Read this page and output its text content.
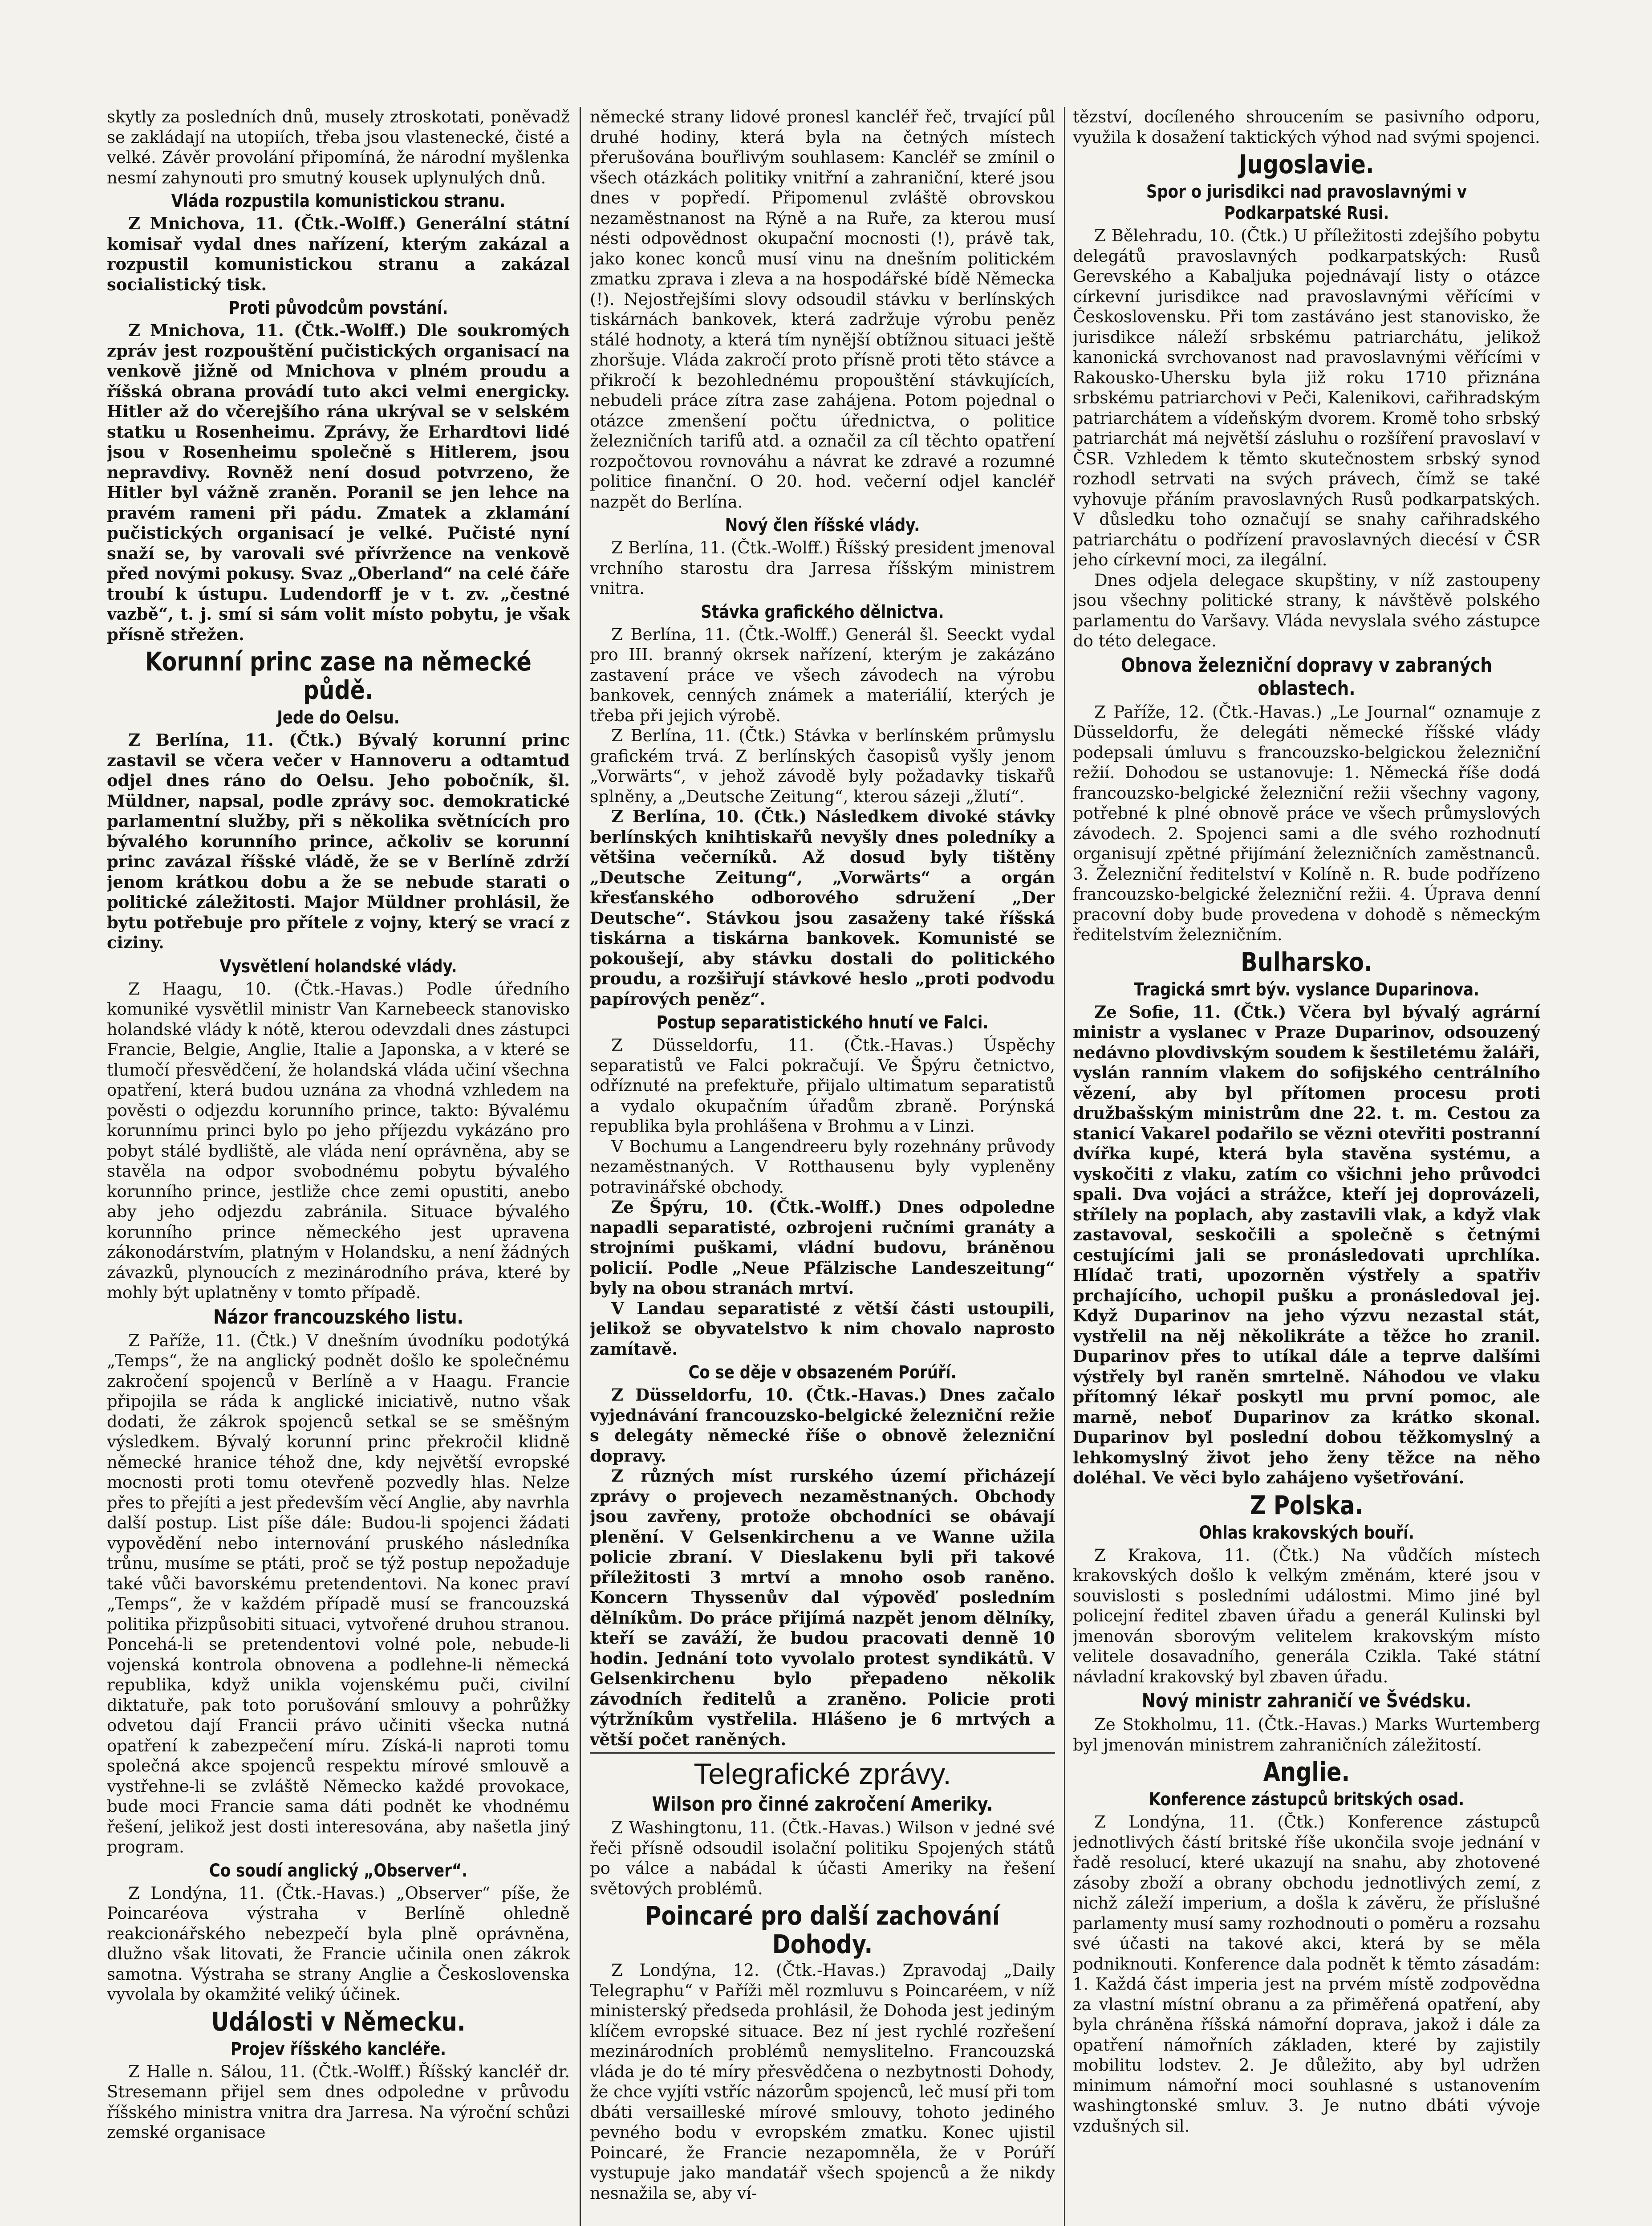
skytly za posledních dnů, musely ztroskotati, poněvadž se zakládají na utopiích, třeba jsou vlastenecké, čisté a velké. Závěr provolání připomíná, že národní myšlenka nesmí zahynouti pro smutný kousek uplynulých dnů.

Vláda rozpustila komunistickou stranu.

Z Mnichova, 11. (Čtk.-Wolff.) Generální státní komisař vydal dnes nařízení, kterým zakázal a rozpustil komunistickou stranu a zakázal socialistický tisk.

Proti původcům povstání.

Z Mnichova, 11. (Čtk.-Wolff.) Dle soukromých zpráv jest rozpouštění pučistických organisací na venkově jižně od Mnichova v plném proudu a říšská obrana provádí tuto akci velmi energicky. Hitler až do včerejšího rána ukrýval se v selském statku u Rosenheimu. Zprávy, že Erhardtovi lidé jsou v Rosenheimu společně s Hitlerem, jsou nepravdivy. Rovněž není dosud potvrzeno, že Hitler byl vážně zraněn. Poranil se jen lehce na pravém rameni při pádu. Zmatek a zklamání pučistických organisací je velké. Pučisté nyní snaží se, by varovali své přívržence na venkově před novými pokusy. Svaz „Oberland“ na celé čáře troubí k ústupu. Ludendorff je v t. zv. „čestné vazbě“, t. j. smí si sám volit místo pobytu, je však přísně střežen.

Korunní princ zase na německé půdě.
Jede do Oelsu.

Z Berlína, 11. (Čtk.) Bývalý korunní princ zastavil se včera večer v Hannoveru a odtamtud odjel dnes ráno do Oelsu. Jeho pobočník, šl. Müldner, napsal, podle zprávy soc. demokratické parlamentní služby, při s několika světnících pro bývalého korunního prince, ačkoliv se korunní princ zavázal říšské vládě, že se v Berlíně zdrží jenom krátkou dobu a že se nebude starati o politické záležitosti. Major Müldner prohlásil, že bytu potřebuje pro přítele z vojny, který se vrací z ciziny.

Vysvětlení holandské vlády.

Z Haagu, 10. (Čtk.-Havas.) Podle úředního komuniké vysvětlil ministr Van Karnebeeck stanovisko holandské vlády k nótě, kterou odevzdali dnes zástupci Francie, Belgie, Anglie, Italie a Japonska, a v které se tlumočí přesvědčení, že holandská vláda učiní všechna opatření, která budou uznána za vhodná vzhledem na pověsti o odjezdu korunního prince, takto: Bývalému korunnímu princi bylo po jeho příjezdu vykázáno pro pobyt stálé bydliště, ale vláda není oprávněna, aby se stavěla na odpor svobodnému pobytu bývalého korunního prince, jestliže chce zemi opustiti, anebo aby jeho odjezdu zabránila. Situace bývalého korunního prince německého jest upravena zákonodárstvím, platným v Holandsku, a není žádných závazků, plynoucích z mezinárodního práva, které by mohly být uplatněny v tomto případě.

Názor francouzského listu.

Z Paříže, 11. (Čtk.) V dnešním úvodníku podotýká „Temps“, že na anglický podnět došlo ke společnému zakročení spojenců v Berlíně a v Haagu. Francie připojila se ráda k anglické iniciativě, nutno však dodati, že zákrok spojenců setkal se se směšným výsledkem. Bývalý korunní princ překročil klidně německé hranice téhož dne, kdy největší evropské mocnosti proti tomu otevřeně pozvedly hlas. Nelze přes to přejíti a jest především věcí Anglie, aby navrhla další postup. List píše dále: Budou-li spojenci žádati vypovědění nebo internování pruského následníka trůnu, musíme se ptáti, proč se týž postup nepožaduje také vůči bavorskému pretendentovi. Na konec praví „Temps“, že v každém případě musí se francouzská politika přizpůsobiti situaci, vytvořené druhou stranou. Poncehá-li se pretendentovi volné pole, nebude-li vojenská kontrola obnovena a podlehne-li německá republika, když unikla vojenskému puči, civilní diktatuře, pak toto porušování smlouvy a pohrůžky odvetou dají Francii právo učiniti všecka nutná opatření k zabezpečení míru. Získá-li naproti tomu společná akce spojenců respektu mírové smlouvě a vystřehne-li se zvláště Německo každé provokace, bude moci Francie sama dáti podnět ke vhodnému řešení, jelikož jest dosti interesována, aby našetla jiný program.

Co soudí anglický „Observer“.

Z Londýna, 11. (Čtk.-Havas.) „Observer“ píše, že Poincaréova výstraha v Berlíně ohledně reakcionářského nebezpečí byla plně oprávněna, dlužno však litovati, že Francie učinila onen zákrok samotna. Výstraha se strany Anglie a Československa vyvolala by okamžité veliký účinek.

Události v Německu.
Projev říšského kancléře.

Z Halle n. Sálou, 11. (Čtk.-Wolff.) Říšský kancléř dr. Stresemann přijel sem dnes odpoledne v průvodu říšského ministra vnitra dra Jarresa. Na výroční schůzi zemské organisace

německé strany lidové pronesl kancléř řeč, trvající půl druhé hodiny, která byla na četných místech přerušována bouřlivým souhlasem: Kancléř se zmínil o všech otázkách politiky vnitřní a zahraniční, které jsou dnes v popředí. Připomenul zvláště obrovskou nezaměstnanost na Rýně a na Ruře, za kterou musí nésti odpovědnost okupační mocnosti (!), právě tak, jako konec konců musí vinu na dnešním politickém zmatku zprava i zleva a na hospodářské bídě Německa (!). Nejostřejšími slovy odsoudil stávku v berlínských tiskárnách bankovek, která zadržuje výrobu peněz stálé hodnoty, a která tím nynější obtížnou situaci ještě zhoršuje. Vláda zakročí proto přísně proti těto stávce a přikročí k bezohlednému propouštění stávkujících, nebudeli práce zítra zase zahájena. Potom pojednal o otázce zmenšení počtu úřednictva, o politice železničních tarifů atd. a označil za cíl těchto opatření rozpočtovou rovnováhu a návrat ke zdravé a rozumné politice finanční. O 20. hod. večerní odjel kancléř nazpět do Berlína.

Nový člen říšské vlády.

Z Berlína, 11. (Čtk.-Wolff.) Říšský president jmenoval vrchního starostu dra Jarresa říšským ministrem vnitra.

Stávka grafického dělnictva.

Z Berlína, 11. (Čtk.-Wolff.) Generál šl. Seeckt vydal pro III. branný okrsek nařízení, kterým je zakázáno zastavení práce ve všech závodech na výrobu bankovek, cenných známek a materiálií, kterých je třeba při jejich výrobě.

Z Berlína, 11. (Čtk.) Stávka v berlínském průmyslu grafickém trvá. Z berlínských časopisů vyšly jenom „Vorwärts“, v jehož závodě byly požadavky tiskařů splněny, a „Deutsche Zeitung“, kterou sázeji „žlutí“.

Z Berlína, 10. (Čtk.) Následkem divoké stávky berlínských knihtiskařů nevyšly dnes poledníky a většina večerníků. Až dosud byly tištěny „Deutsche Zeitung“, „Vorwärts“ a orgán křesťanského odborového sdružení „Der Deutsche“. Stávkou jsou zasaženy také říšská tiskárna a tiskárna bankovek. Komunisté se pokoušejí, aby stávku dostali do politického proudu, a rozšiřují stávkové heslo „proti podvodu papírových peněz“.

Postup separatistického hnutí ve Falci.

Z Düsseldorfu, 11. (Čtk.-Havas.) Úspěchy separatistů ve Falci pokračují. Ve Špýru četnictvo, odříznuté na prefektuře, přijalo ultimatum separatistů a vydalo okupačním úřadům zbraně. Porýnská republika byla prohlášena v Brohmu a v Linzi.

V Bochumu a Langendreeru byly rozehnány průvody nezaměstnaných. V Rotthausenu byly vypleněny potravinářské obchody.

Ze Špýru, 10. (Čtk.-Wolff.) Dnes odpoledne napadli separatisté, ozbrojeni ručními granáty a strojními puškami, vládní budovu, bráněnou policií. Podle „Neue Pfälzische Landeszeitung“ byly na obou stranách mrtví.

V Landau separatisté z větší části ustoupili, jelikož se obyvatelstvo k nim chovalo naprosto zamítavě.

Co se děje v obsazeném Porúří.

Z Düsseldorfu, 10. (Čtk.-Havas.) Dnes začalo vyjednávání francouzsko-belgické železniční režie s delegáty německé říše o obnově železniční dopravy.

Z různých míst rurského území přicházejí zprávy o projevech nezaměstnaných. Obchody jsou zavřeny, protože obchodníci se obávají plenění. V Gelsenkirchenu a ve Wanne užila policie zbraní. V Dieslakenu byli při takové příležitosti 3 mrtví a mnoho osob raněno. Koncern Thyssenův dal výpověď posledním dělníkům. Do práce přijímá nazpět jenom dělníky, kteří se zaváží, že budou pracovati denně 10 hodin. Jednání toto vyvolalo protest syndikátů. V Gelsenkirchenu bylo přepadeno několik závodních ředitelů a zraněno. Policie proti výtržníkům vystřelila. Hlášeno je 6 mrtvých a větší počet raněných.

Telegrafické zprávy.
Wilson pro činné zakročení Ameriky.

Z Washingtonu, 11. (Čtk.-Havas.) Wilson v jedné své řeči přísně odsoudil isolační politiku Spojených států po válce a nabádal k účasti Ameriky na řešení světových problémů.

Poincaré pro další zachování Dohody.

Z Londýna, 12. (Čtk.-Havas.) Zpravodaj „Daily Telegraphu“ v Paříži měl rozmluvu s Poincaréem, v níž ministerský předseda prohlásil, že Dohoda jest jediným klíčem evropské situace. Bez ní jest rychlé rozřešení mezinárodních problémů nemyslitelno. Francouzská vláda je do té míry přesvědčena o nezbytnosti Dohody, že chce vyjíti vstříc názorům spojenců, leč musí při tom dbáti versailleské mírové smlouvy, tohoto jediného pevného bodu v evropském zmatku. Konec ujistil Poincaré, že Francie nezapomněla, že v Porúří vystupuje jako mandatář všech spojenců a že nikdy nesnažila se, aby ví-

tězství, docíleného shroucením se pasivního odporu, využila k dosažení taktických výhod nad svými spojenci.

Jugoslavie.
Spor o jurisdikci nad pravoslavnými v Podkarpatské Rusi.

Z Bělehradu, 10. (Čtk.) U příležitosti zdejšího pobytu delegátů pravoslavných podkarpatských: Rusů Gerevského a Kabaljuka pojednávají listy o otázce církevní jurisdikce nad pravoslavnými věřícími v Československu. Při tom zastáváno jest stanovisko, že jurisdikce náleží srbskému patriarchátu, jelikož kanonická svrchovanost nad pravoslavnými věřícími v Rakousko-Uhersku byla již roku 1710 přiznána srbskému patriarchovi v Peči, Kalenikovi, cařihradským patriarchátem a vídeňským dvorem. Kromě toho srbský patriarchát má největší zásluhu o rozšíření pravoslaví v ČSR. Vzhledem k těmto skutečnostem srbský synod rozhodl setrvati na svých právech, čímž se také vyhovuje přáním pravoslavných Rusů podkarpatských. V důsledku toho označují se snahy cařihradského patriarchátu o podřízení pravoslavných diecésí v ČSR jeho církevní moci, za ilegální.

Dnes odjela delegace skupštiny, v níž zastoupeny jsou všechny politické strany, k návštěvě polského parlamentu do Varšavy. Vláda nevyslala svého zástupce do této delegace.

Obnova železniční dopravy v zabraných oblastech.

Z Paříže, 12. (Čtk.-Havas.) „Le Journal“ oznamuje z Düsseldorfu, že delegáti německé říšské vlády podepsali úmluvu s francouzsko-belgickou železniční režií. Dohodou se ustanovuje: 1. Německá říše dodá francouzsko-belgické železniční režii všechny vagony, potřebné k plné obnově práce ve všech průmyslových závodech. 2. Spojenci sami a dle svého rozhodnutí organisují zpětné přijímání železničních zaměstnanců. 3. Železniční ředitelství v Kolíně n. R. bude podřízeno francouzsko-belgické železniční režii. 4. Úprava denní pracovní doby bude provedena v dohodě s německým ředitelstvím železničním.

Bulharsko.
Tragická smrt býv. vyslance Duparinova.

Ze Sofie, 11. (Čtk.) Včera byl bývalý agrární ministr a vyslanec v Praze Duparinov, odsouzený nedávno plovdivským soudem k šestiletému žaláři, vyslán ranním vlakem do sofijského centrálního vězení, aby byl přítomen procesu proti družbašským ministrům dne 22. t. m. Cestou za stanicí Vakarel podařilo se vězni otevřiti postranní dvířka kupé, která byla stavěna systému, a vyskočiti z vlaku, zatím co všichni jeho průvodci spali. Dva vojáci a strážce, kteří jej doprovázeli, střílely na poplach, aby zastavili vlak, a když vlak zastavoval, seskočili a společně s četnými cestujícími jali se pronásledovati uprchlíka. Hlídač trati, upozorněn výstřely a spatřiv prchajícího, uchopil pušku a pronásledoval jej. Když Duparinov na jeho výzvu nezastal stát, vystřelil na něj několikráte a těžce ho zranil. Duparinov přes to utíkal dále a teprve dalšími výstřely byl raněn smrtelně. Náhodou ve vlaku přítomný lékař poskytl mu první pomoc, ale marně, neboť Duparinov za krátko skonal. Duparinov byl poslední dobou těžkomyslný a lehkomyslný život jeho ženy těžce na něho doléhal. Ve věci bylo zahájeno vyšetřování.

Z Polska.
Ohlas krakovských bouří.

Z Krakova, 11. (Čtk.) Na vůdčích místech krakovských došlo k velkým změnám, které jsou v souvislosti s posledními událostmi. Mimo jiné byl policejní ředitel zbaven úřadu a generál Kulinski byl jmenován sborovým velitelem krakovským místo velitele dosavadního, generála Czikla. Také státní návladní krakovský byl zbaven úřadu.

Nový ministr zahraničí ve Švédsku.

Ze Stokholmu, 11. (Čtk.-Havas.) Marks Wurtemberg byl jmenován ministrem zahraničních záležitostí.

Anglie.
Konference zástupců britských osad.

Z Londýna, 11. (Čtk.) Konference zástupců jednotlivých částí britské říše ukončila svoje jednání v řadě resolucí, které ukazují na snahu, aby zhotovené zásoby zboží a obrany obchodu jednotlivých zemí, z nichž záleží imperium, a došla k závěru, že příslušné parlamenty musí samy rozhodnouti o poměru a rozsahu své účasti na takové akci, která by se měla podniknouti. Konference dala podnět k těmto zásadám: 1. Každá část imperia jest na prvém místě zodpovědna za vlastní místní obranu a za přiměřená opatření, aby byla chráněna říšská námořní doprava, jakož i dále za opatření námořních základen, které by zajistily mobilitu lodstev. 2. Je důležito, aby byl udržen minimum námořní moci souhlasné s ustanovením washingtonské smluv. 3. Je nutno dbáti vývoje vzdušných sil.
